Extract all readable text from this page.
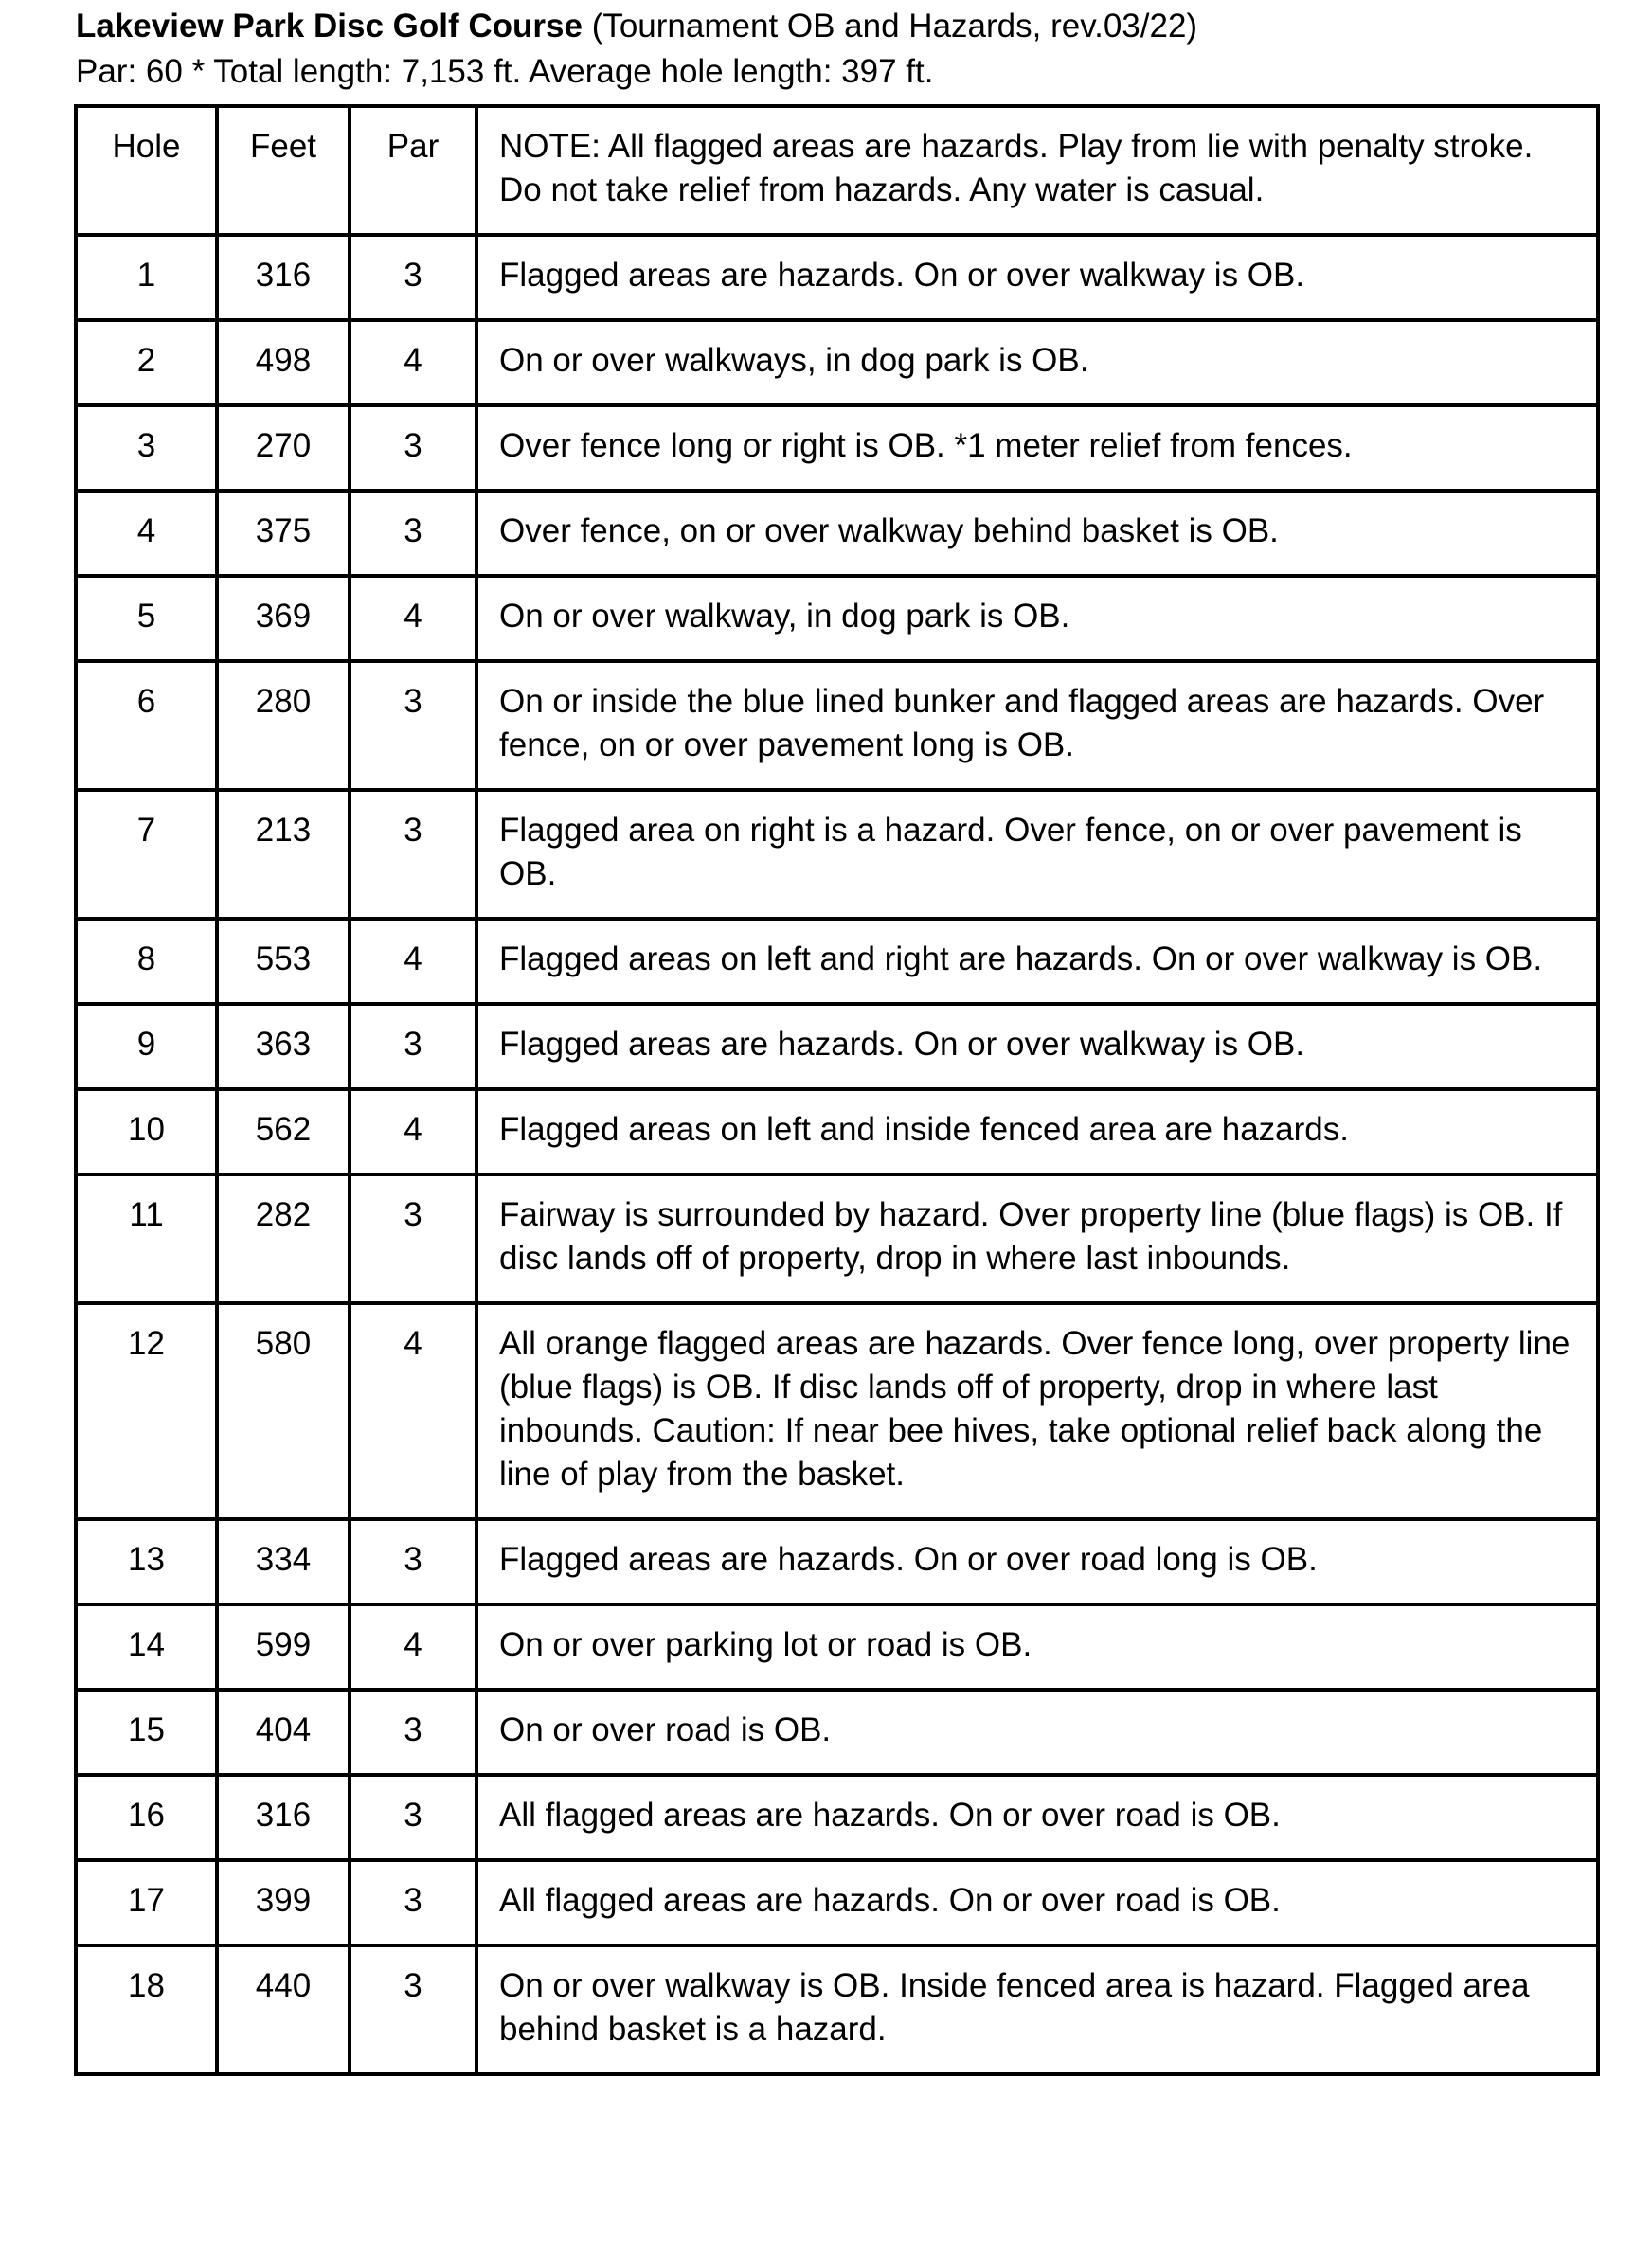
Lakeview Park Disc Golf Course (Tournament OB and Hazards, rev.03/22)
Par: 60 * Total length: 7,153 ft. Average hole length: 397 ft.
Hole	Feet	Par	NOTE: All flagged areas are hazards. Play from lie with penalty stroke. Do not take relief from hazards. Any water is casual.
1	316	3	Flagged areas are hazards. On or over walkway is OB.
2	498	4	On or over walkways, in dog park is OB.
3	270	3	Over fence long or right is OB. *1 meter relief from fences.
4	375	3	Over fence, on or over walkway behind basket is OB.
5	369	4	On or over walkway, in dog park is OB.
6	280	3	On or inside the blue lined bunker and flagged areas are hazards. Over fence, on or over pavement long is OB.
7	213	3	Flagged area on right is a hazard. Over fence, on or over pavement is OB.
8	553	4	Flagged areas on left and right are hazards. On or over walkway is OB.
9	363	3	Flagged areas are hazards. On or over walkway is OB.
10	562	4	Flagged areas on left and inside fenced area are hazards.
11	282	3	Fairway is surrounded by hazard. Over property line (blue flags) is OB. If disc lands off of property, drop in where last inbounds.
12	580	4	All orange flagged areas are hazards. Over fence long, over property line (blue flags) is OB. If disc lands off of property, drop in where last inbounds. Caution: If near bee hives, take optional relief back along the line of play from the basket.
13	334	3	Flagged areas are hazards. On or over road long is OB.
14	599	4	On or over parking lot or road is OB.
15	404	3	On or over road is OB.
16	316	3	All flagged areas are hazards. On or over road is OB.
17	399	3	All flagged areas are hazards. On or over road is OB.
18	440	3	On or over walkway is OB. Inside fenced area is hazard. Flagged area behind basket is a hazard.
